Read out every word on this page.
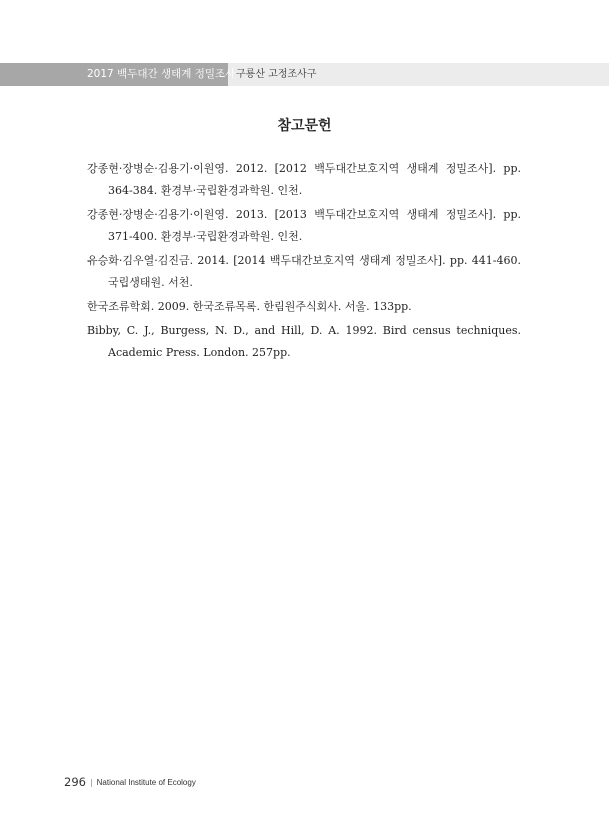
2017 백두대간 생태계 정밀조사 구룡산 고정조사구
참고문헌

강종현·장병순·김용기·이원영. 2012. [2012 백두대간보호지역 생태계 정밀조사]. pp. 364-384. 환경부·국립환경과학원. 인천.

강종현·장병순·김용기·이원영. 2013. [2013 백두대간보호지역 생태계 정밀조사]. pp. 371-400. 환경부·국립환경과학원. 인천.

유승화·김우열·김진금. 2014. [2014 백두대간보호지역 생태계 정밀조사]. pp. 441-460. 국립생태원. 서천.

한국조류학회. 2009. 한국조류목록. 한림원주식회사. 서울. 133pp.

Bibby, C. J., Burgess, N. D., and Hill, D. A. 1992. Bird census techniques. Academic Press. London. 257pp.

296 | National Institute of Ecology
